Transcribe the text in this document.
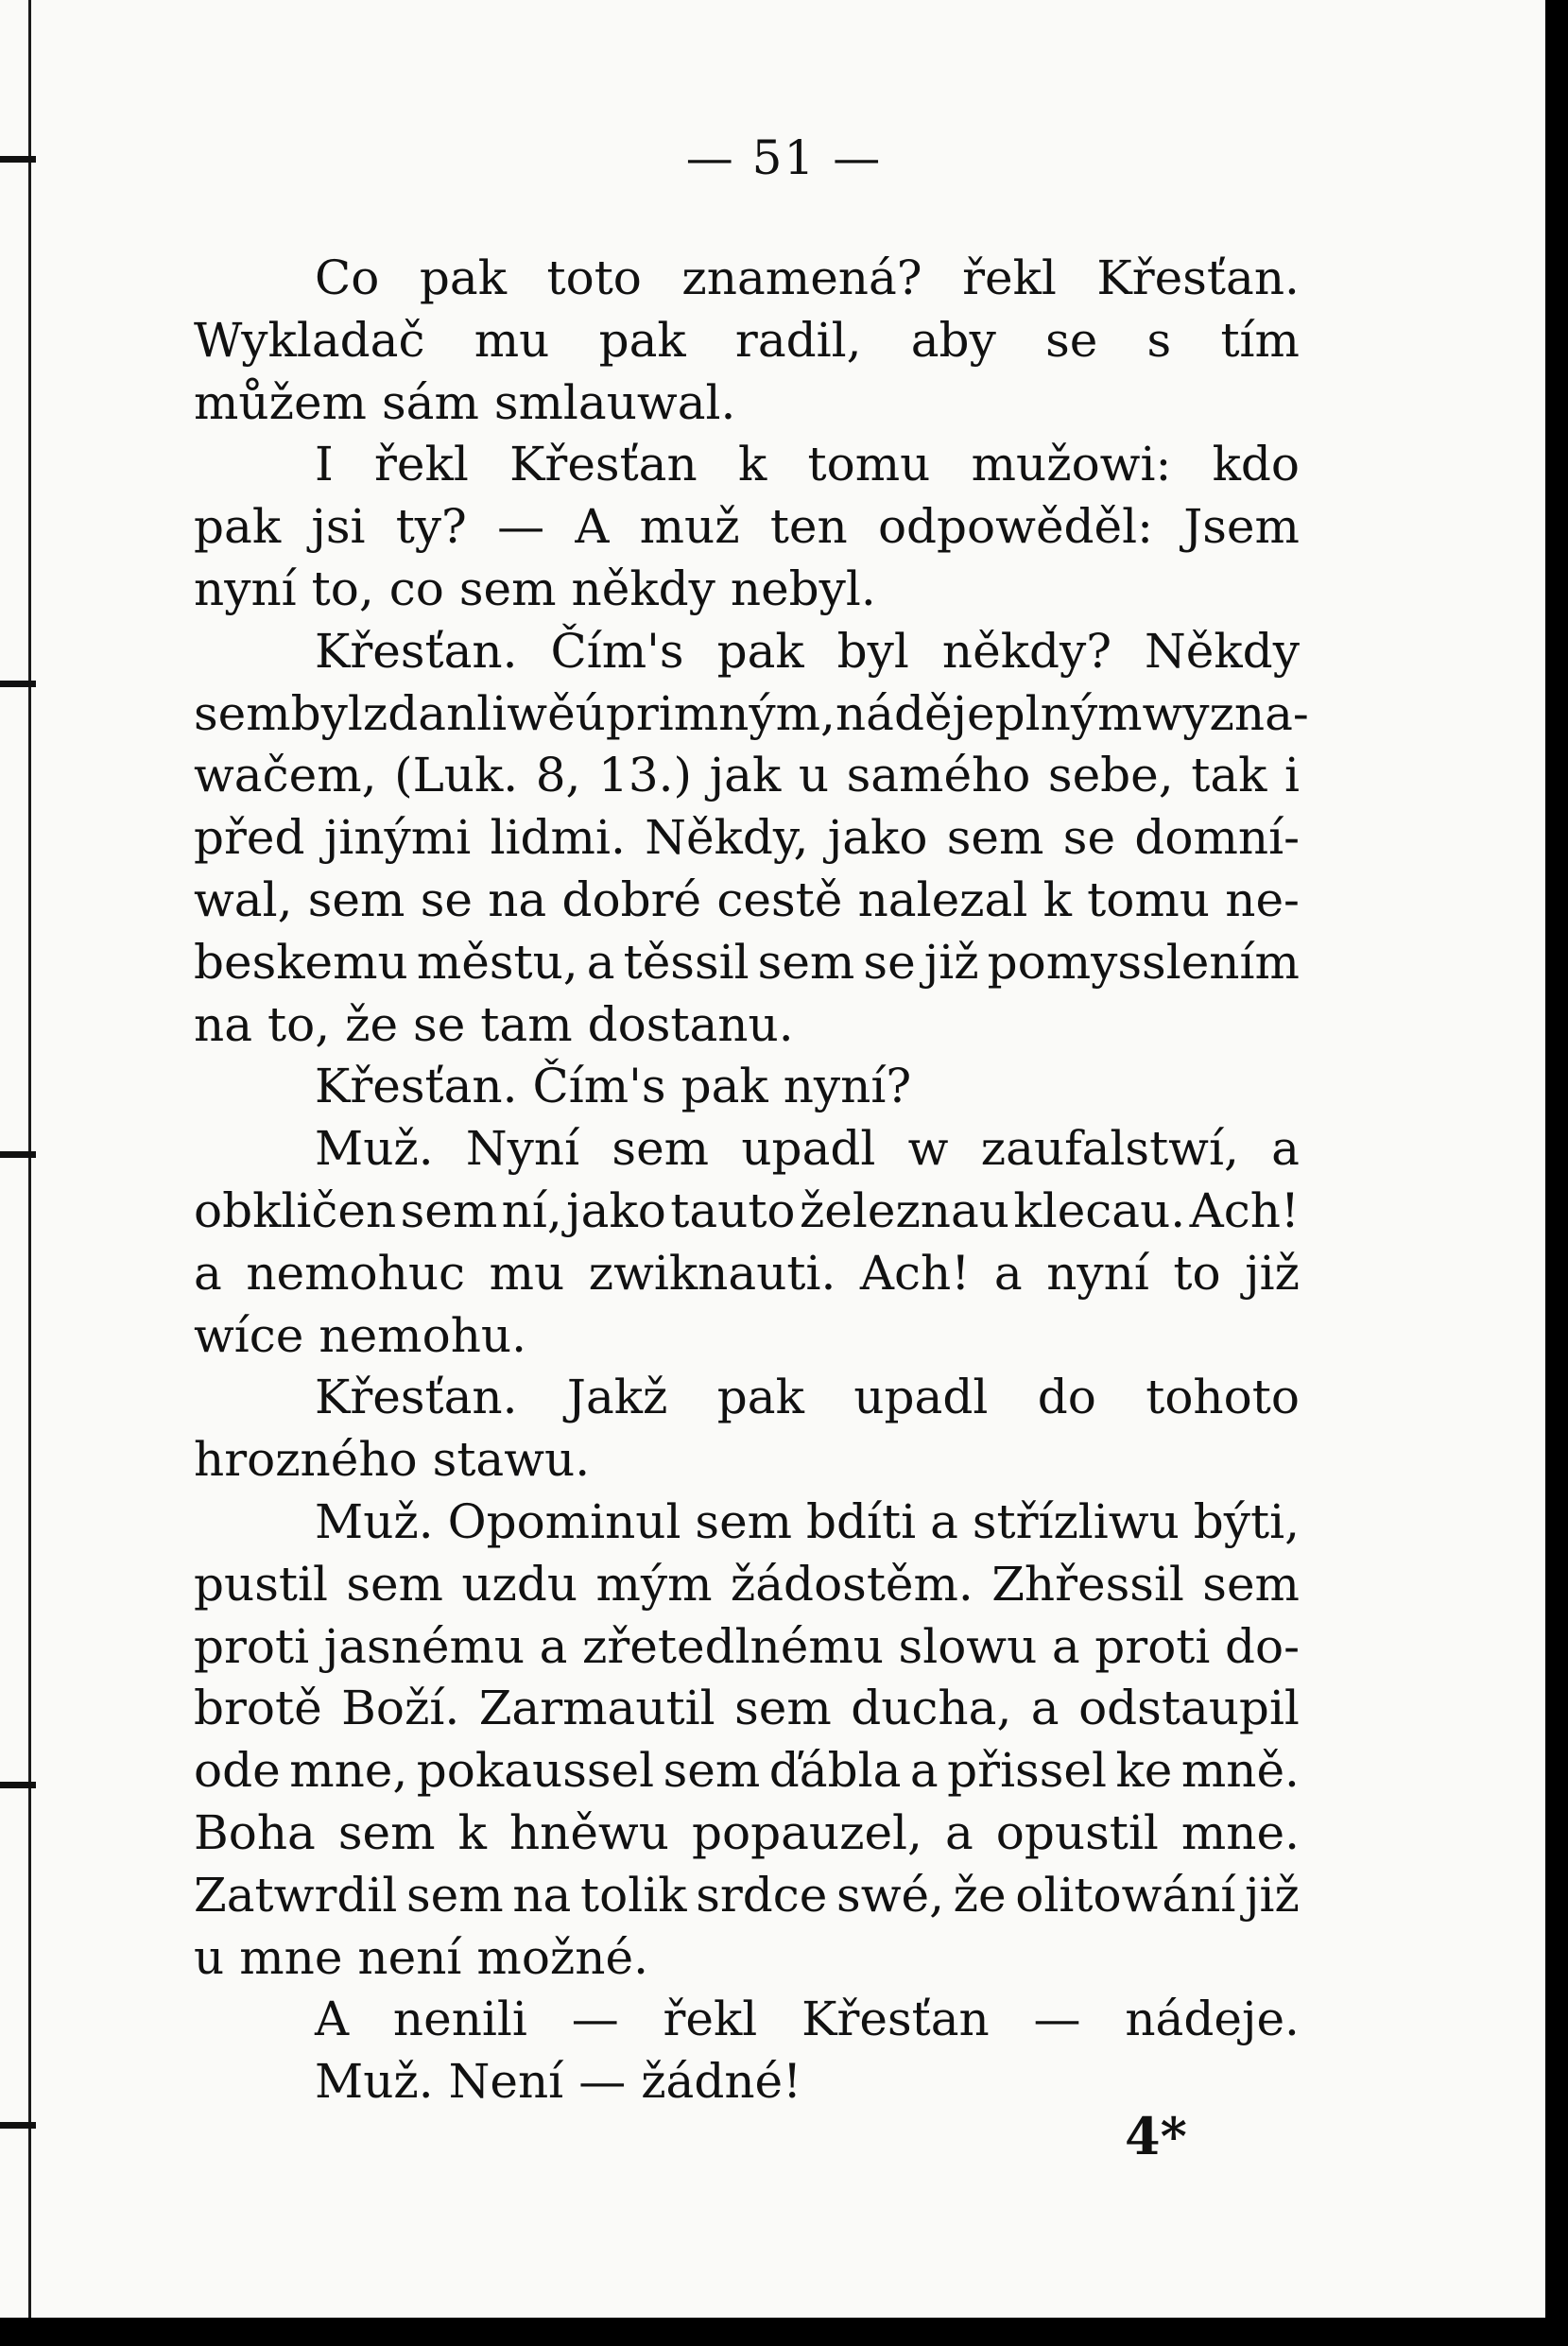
— 51 —
Co pak toto znamená? řekl Křesťan.
Wykladač mu pak radil, aby se s tím
můžem sám smlauwal.
I řekl Křesťan k tomu mužowi: kdo
pak jsi ty? — A muž ten odpowěděl: Jsem
nyní to, co sem někdy nebyl.
Křesťan. Čím's pak byl někdy? Někdy
sem byl zdanliwě úprimným, nádějeplným wyzna-
wačem, (Luk. 8, 13.) jak u samého sebe, tak i
před jinými lidmi. Někdy, jako sem se domní-
wal, sem se na dobré cestě nalezal k tomu ne-
beskemu městu, a těssil sem se již pomysslením
na to, že se tam dostanu.
Křesťan. Čím's pak nyní?
Muž. Nyní sem upadl w zaufalstwí, a
obkličen sem ní, jako tauto železnau klecau. Ach!
a nemohuc mu zwiknauti. Ach! a nyní to již
wíce nemohu.
Křesťan. Jakž pak upadl do tohoto
hrozného stawu.
Muž. Opominul sem bdíti a střízliwu býti,
pustil sem uzdu mým žádostěm. Zhřessil sem
proti jasnému a zřetedlnému slowu a proti do-
brotě Boží. Zarmautil sem ducha, a odstaupil
ode mne, pokaussel sem ďábla a přissel ke mně.
Boha sem k hněwu popauzel, a opustil mne.
Zatwrdil sem na tolik srdce swé, že olitowání již
u mne není možné.
A nenili — řekl Křesťan — nádeje.
Muž. Není — žádné!
4*
